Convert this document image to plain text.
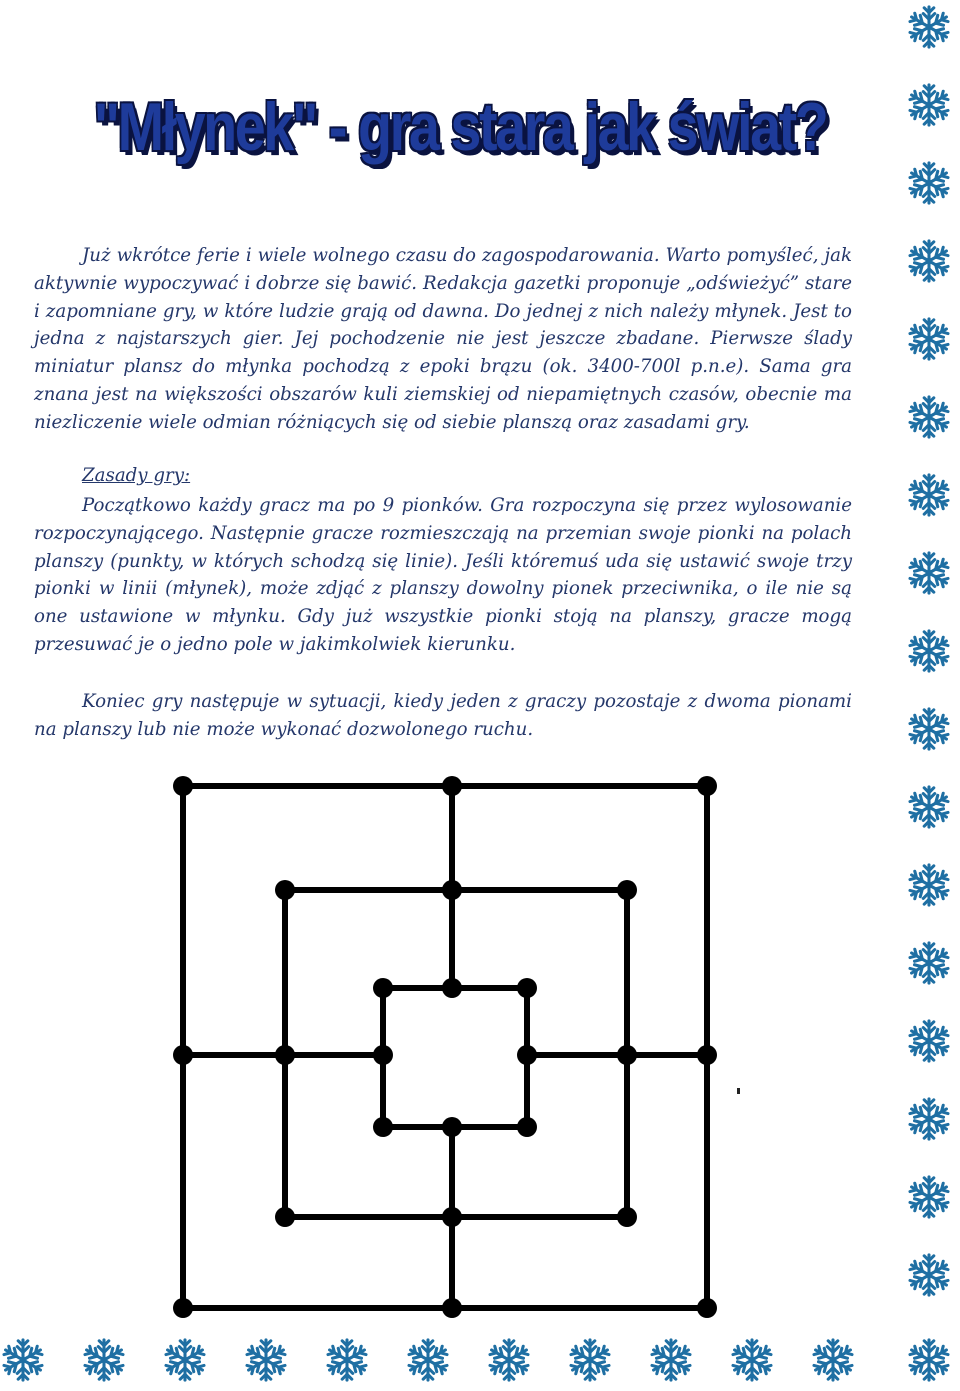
"Młynek" - gra stara jak świat?

Już wkrótce ferie i wiele wolnego czasu do zagospodarowania. Warto pomyśleć, jak aktywnie wypoczywać i dobrze się bawić. Redakcja gazetki proponuje „odświeżyć” stare i zapomniane gry, w które ludzie grają od dawna. Do jednej z nich należy młynek. Jest to jedna z najstarszych gier. Jej pochodzenie nie jest jeszcze zbadane. Pierwsze ślady miniatur plansz do młynka pochodzą z epoki brązu (ok. 3400-700l p.n.e). Sama gra znana jest na większości obszarów kuli ziemskiej od niepamiętnych czasów, obecnie ma niezliczenie wiele odmian różniących się od siebie planszą oraz zasadami gry.

Zasady gry:

Początkowo każdy gracz ma po 9 pionków. Gra rozpoczyna się przez wylosowanie rozpoczynającego. Następnie gracze rozmieszczają na przemian swoje pionki na polach planszy (punkty, w których schodzą się linie). Jeśli któremuś uda się ustawić swoje trzy pionki w linii (młynek), może zdjąć z planszy dowolny pionek przeciwnika, o ile nie są one ustawione w młynku. Gdy już wszystkie pionki stoją na planszy, gracze mogą przesuwać je o jedno pole w jakimkolwiek kierunku.

Koniec gry następuje w sytuacji, kiedy jeden z graczy pozostaje z dwoma pionami na planszy lub nie może wykonać dozwolonego ruchu.
